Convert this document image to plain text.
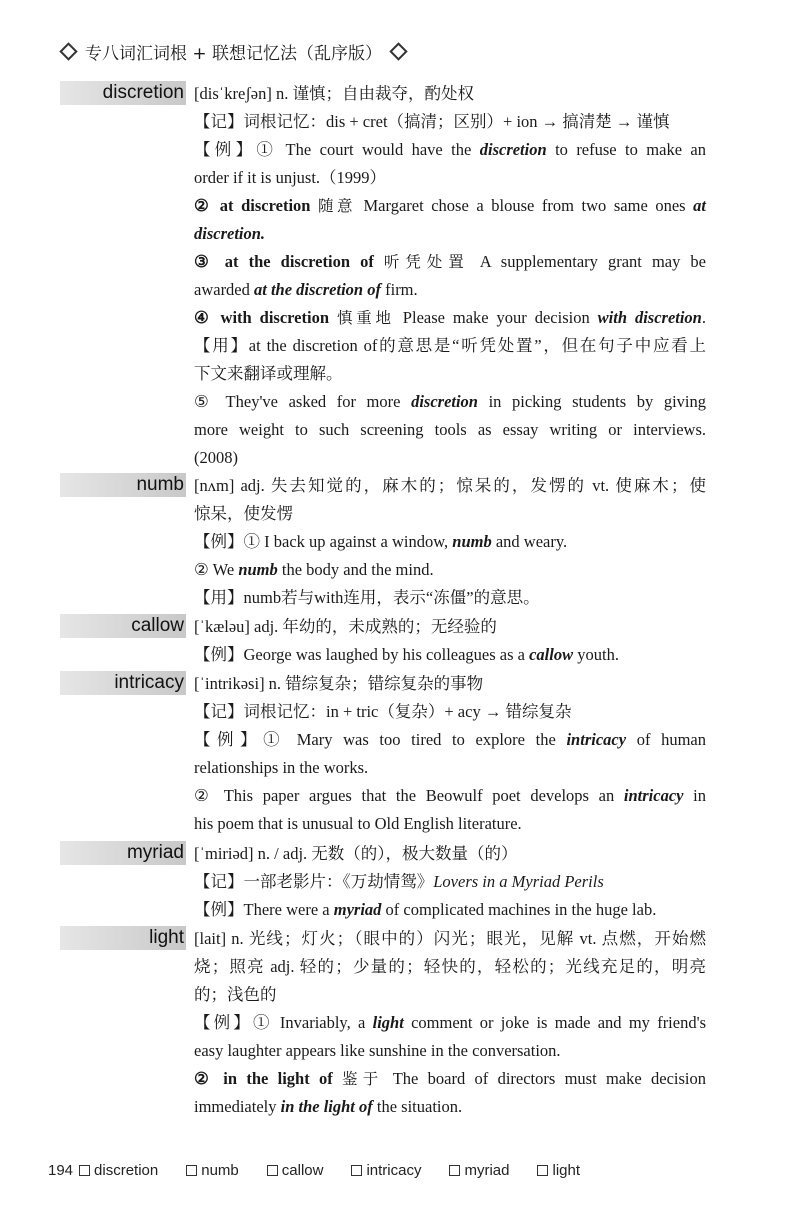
专八词汇词根 + 联想记忆法（乱序版）
discretion [disˈkreʃən] n. 谨慎；自由裁夺，酌处权
【记】词根记忆：dis + cret（搞清；区别）+ ion → 搞清楚 → 谨慎
【例】① The court would have the discretion to refuse to make an
order if it is unjust.（1999）
② at discretion 随意 Margaret chose a blouse from two same ones at
discretion.
③ at the discretion of 听凭处置 A supplementary grant may be
awarded at the discretion of firm.
④ with discretion 慎重地 Please make your decision with discretion.
【用】at the discretion of的意思是“听凭处置”，但在句子中应看上
下文来翻译或理解。
⑤ They've asked for more discretion in picking students by giving
more weight to such screening tools as essay writing or interviews.
(2008)
numb [nʌm] adj. 失去知觉的，麻木的；惊呆的，发愣的 vt. 使麻木；使
惊呆，使发愣
【例】① I back up against a window, numb and weary.
② We numb the body and the mind.
【用】numb若与with连用，表示“冻僵”的意思。
callow [ˈkæləu] adj. 年幼的，未成熟的；无经验的
【例】George was laughed by his colleagues as a callow youth.
intricacy [ˈintrikəsi] n. 错综复杂；错综复杂的事物
【记】词根记忆：in + tric（复杂）+ acy → 错综复杂
【例】① Mary was too tired to explore the intricacy of human
relationships in the works.
② This paper argues that the Beowulf poet develops an intricacy in
his poem that is unusual to Old English literature.
myriad [ˈmiriəd] n. / adj. 无数（的），极大数量（的）
【记】一部老影片：《万劫情鸳》Lovers in a Myriad Perils
【例】There were a myriad of complicated machines in the huge lab.
light [lait] n. 光线；灯火；（眼中的）闪光；眼光，见解 vt. 点燃，开始燃
烧；照亮 adj. 轻的；少量的；轻快的，轻松的；光线充足的，明亮
的；浅色的
【例】① Invariably, a light comment or joke is made and my friend's
easy laughter appears like sunshine in the conversation.
② in the light of 鉴于 The board of directors must make decision
immediately in the light of the situation.
194 discretion	numb	callow	intricacy	myriad	light
